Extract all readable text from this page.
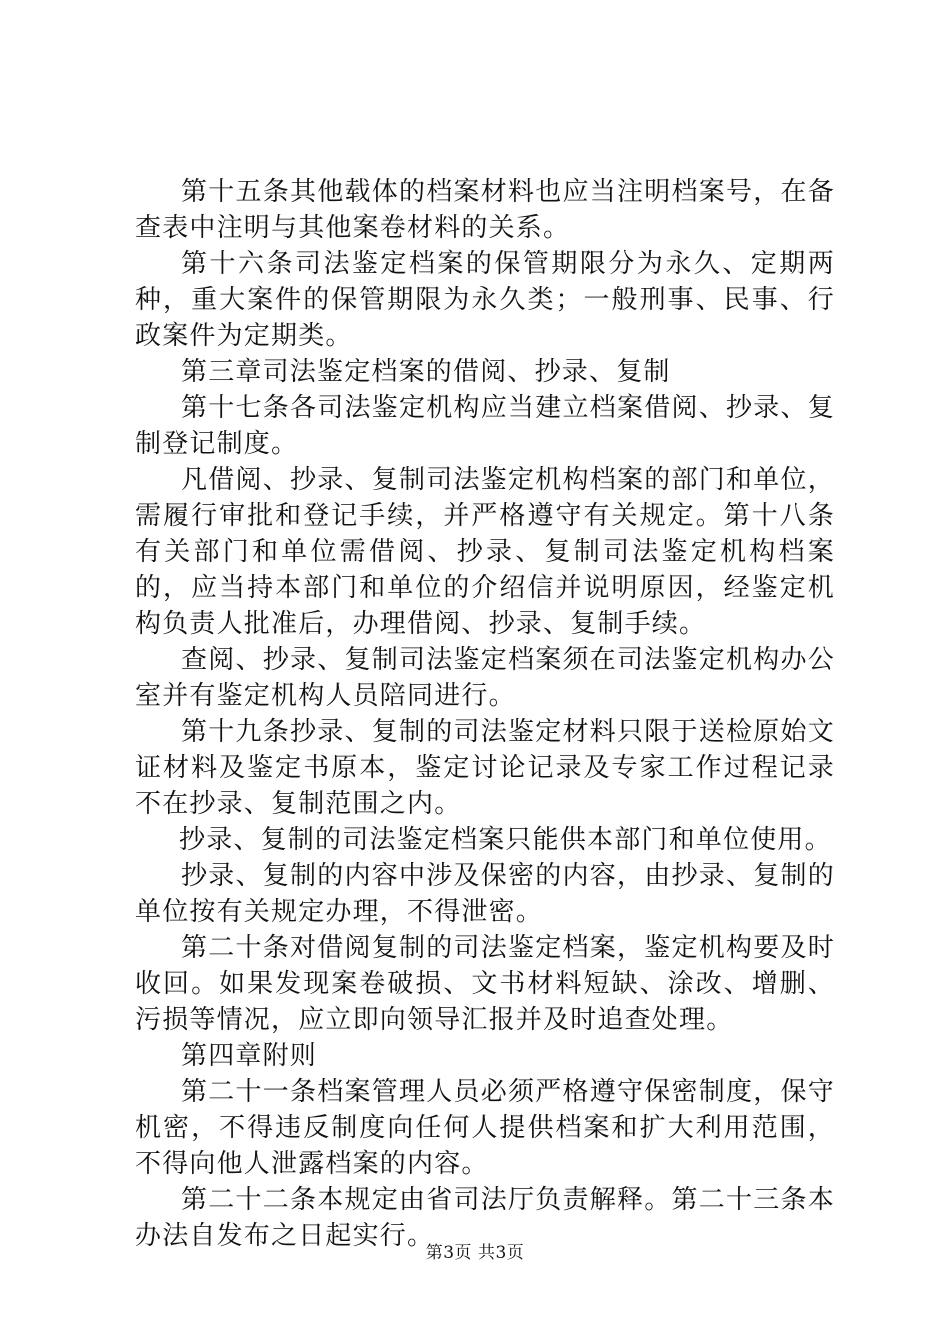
第十五条其他载体的档案材料也应当注明档案号，在备查表中注明与其他案卷材料的关系。

第十六条司法鉴定档案的保管期限分为永久、定期两种，重大案件的保管期限为永久类；一般刑事、民事、行政案件为定期类。

第三章司法鉴定档案的借阅、抄录、复制

第十七条各司法鉴定机构应当建立档案借阅、抄录、复制登记制度。

凡借阅、抄录、复制司法鉴定机构档案的部门和单位，需履行审批和登记手续，并严格遵守有关规定。第十八条有关部门和单位需借阅、抄录、复制司法鉴定机构档案的，应当持本部门和单位的介绍信并说明原因，经鉴定机构负责人批准后，办理借阅、抄录、复制手续。

查阅、抄录、复制司法鉴定档案须在司法鉴定机构办公室并有鉴定机构人员陪同进行。

第十九条抄录、复制的司法鉴定材料只限于送检原始文证材料及鉴定书原本，鉴定讨论记录及专家工作过程记录不在抄录、复制范围之内。

抄录、复制的司法鉴定档案只能供本部门和单位使用。

抄录、复制的内容中涉及保密的内容，由抄录、复制的单位按有关规定办理，不得泄密。

第二十条对借阅复制的司法鉴定档案，鉴定机构要及时收回。如果发现案卷破损、文书材料短缺、涂改、增删、污损等情况，应立即向领导汇报并及时追查处理。

第四章附则

第二十一条档案管理人员必须严格遵守保密制度，保守机密，不得违反制度向任何人提供档案和扩大利用范围，不得向他人泄露档案的内容。

第二十二条本规定由省司法厅负责解释。第二十三条本办法自发布之日起实行。

第3页 共3页
